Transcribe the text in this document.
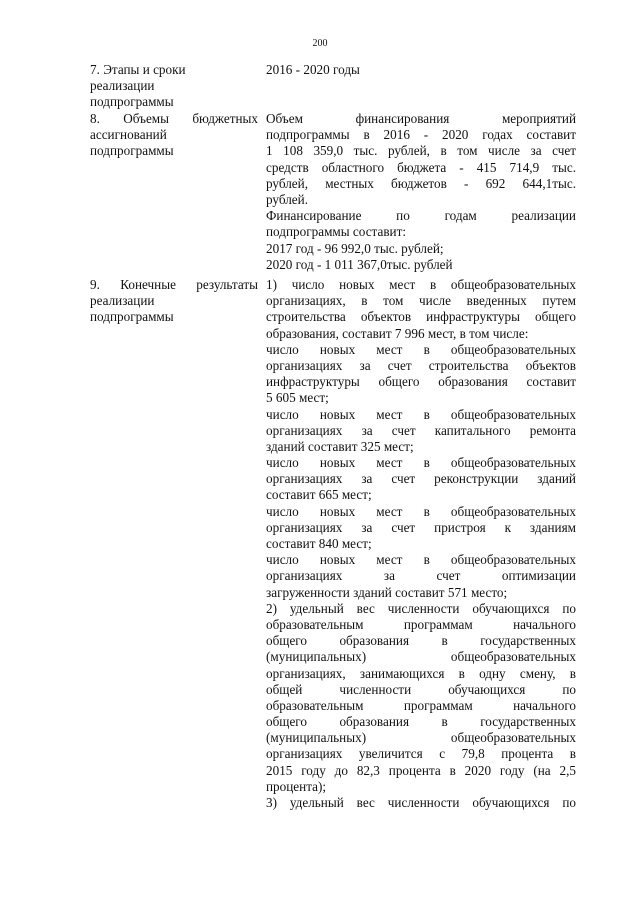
200
7. Этапы и сроки
реализации
подпрограммы
2016 - 2020 годы
8. Объемы бюджетных
ассигнований
подпрограммы
Объем финансирования мероприятий
подпрограммы в 2016 - 2020 годах составит
1 108 359,0 тыс. рублей, в том числе за счет
средств областного бюджета - 415 714,9 тыс.
рублей, местных бюджетов - 692 644,1тыс.
рублей.
Финансирование по годам реализации
подпрограммы составит:
2017 год - 96 992,0 тыс. рублей;
2020 год - 1 011 367,0тыс. рублей
9. Конечные результаты
реализации
подпрограммы
1) число новых мест в общеобразовательных
организациях, в том числе введенных путем
строительства объектов инфраструктуры общего
образования, составит 7 996 мест, в том числе:
число новых мест в общеобразовательных
организациях за счет строительства объектов
инфраструктуры общего образования составит
5 605 мест;
число новых мест в общеобразовательных
организациях за счет капитального ремонта
зданий составит 325 мест;
число новых мест в общеобразовательных
организациях за счет реконструкции зданий
составит 665 мест;
число новых мест в общеобразовательных
организациях за счет пристроя к зданиям
составит 840 мест;
число новых мест в общеобразовательных
организациях за счет оптимизации
загруженности зданий составит 571 место;
2) удельный вес численности обучающихся по
образовательным программам начального
общего образования в государственных
(муниципальных) общеобразовательных
организациях, занимающихся в одну смену, в
общей численности обучающихся по
образовательным программам начального
общего образования в государственных
(муниципальных) общеобразовательных
организациях увеличится с 79,8 процента в
2015 году до 82,3 процента в 2020 году (на 2,5
процента);
3) удельный вес численности обучающихся по
